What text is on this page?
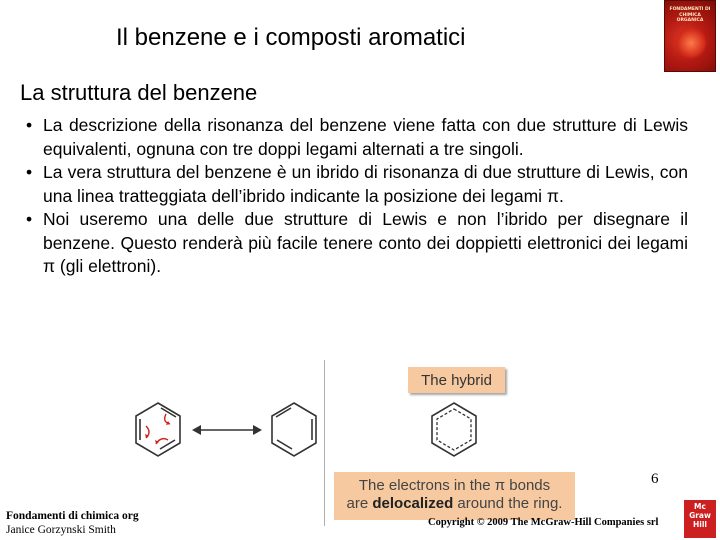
Il benzene e i composti aromatici
FONDAMENTI DI CHIMICA ORGANICA
La struttura del benzene
• La descrizione della risonanza del benzene viene fatta con due strutture di Lewis equivalenti, ognuna con tre doppi legami alternati a tre singoli.
• La vera struttura del benzene è un ibrido di risonanza di due strutture di Lewis, con una linea tratteggiata dell’ibrido indicante la posizione dei legami π.
• Noi useremo una delle due strutture di Lewis e non l’ibrido per disegnare il benzene. Questo renderà più facile tenere conto dei doppietti elettronici dei legami π (gli elettroni).
The hybrid
The electrons in the π bonds
are delocalized around the ring.
Fondamenti di chimica org
Janice Gorzynski Smith
6
Copyright © 2009 The McGraw-Hill Companies srl
Mc
Graw
Hill
